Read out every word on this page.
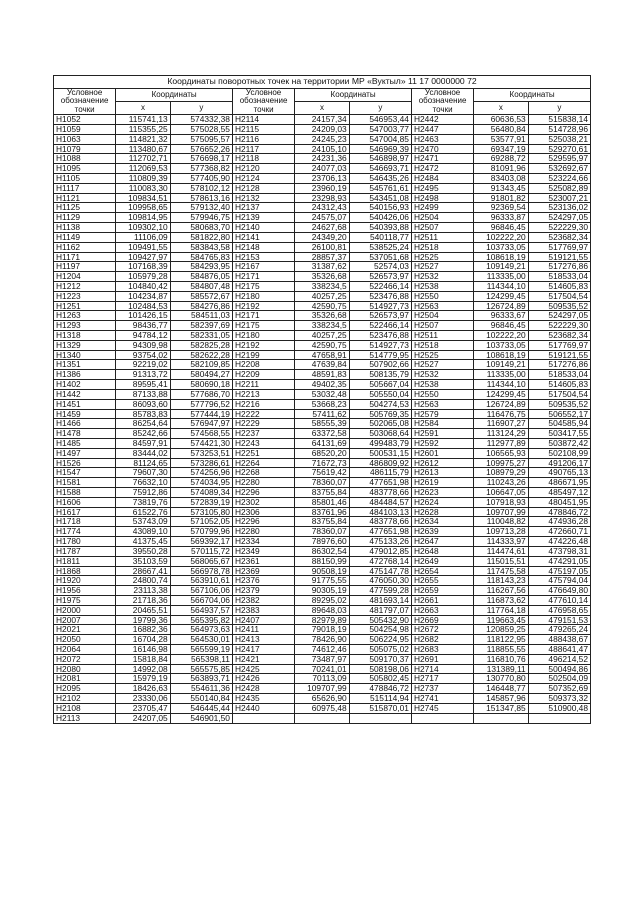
Координаты поворотных точек на территории МР «Вуктыл» 11 17 0000000 72								
Условное обозначение точки	Координаты		Условное обозначение точки	Координаты		Условное обозначение точки	Координаты	
	x	y		x	y		x	y
Н1052	115741,13	574332,38	Н2114	24157,34	546953,44	Н2442	60636,53	515838,14
Н1059	115355,25	575028,55	Н2115	24209,03	547003,77	Н2447	56480,84	514728,96
Н1063	114821,32	575095,57	Н2116	24245,23	547004,85	Н2463	53577,91	525038,21
Н1079	113480,67	576652,26	Н2117	24105,10	546969,39	Н2470	69347,19	529270,61
Н1088	112702,71	576698,17	Н2118	24231,36	546898,97	Н2471	69288,72	529595,97
Н1095	112069,53	577368,82	Н2120	24077,03	546693,71	Н2472	81091,96	532692,67
Н1105	110809,39	577405,90	Н2124	23706,13	546435,26	Н2484	83403,08	523224,66
Н1117	110083,30	578102,12	Н2128	23960,19	545761,61	Н2495	91343,45	525082,89
Н1121	109834,51	578613,16	Н2132	23298,93	543451,08	Н2498	91801,82	523007,21
Н1125	109958,65	579132,40	Н2137	24312,43	540156,93	Н2499	92369,54	523136,02
Н1129	109814,95	579946,75	Н2139	24575,07	540426,06	Н2504	96333,87	524297,05
Н1138	109302,10	580683,70	Н2140	24627,68	540393,88	Н2507	96846,45	522229,30
Н1149	11106,09	581822,80	Н2141	24349,20	540118,77	Н2511	102222,20	523682,34
Н1162	109491,55	583843,58	Н2148	26100,81	538525,24	Н2518	103733,05	517769,97
Н1171	109427,97	584765,83	Н2153	28857,37	537051,68	Н2525	108618,19	519121,55
Н1197	107168,39	584293,95	Н2167	31387,62	52574,03	Н2527	109149,21	517276,86
Н1204	105979,28	584876,05	Н2171	35326,68	526573,97	Н2532	113335,00	518533,04
Н1212	104840,42	584807,48	Н2175	338234,5	522466,14	Н2538	114344,10	514605,83
Н1223	104234,87	585572,67	Н2180	40257,25	523476,88	Н2550	124299,45	517504,54
Н1251	102484,53	584276,86	Н2192	42590,75	514927,73	Н2563	126724,89	509535,52
Н1263	101426,15	584511,03	Н2171	35326,68	526573,97	Н2504	96333,67	524297,05
Н1293	98436,77	582397,69	Н2175	338234,5	522466,14	Н2507	96846,45	522229,30
Н1318	94784,12	582331,05	Н2180	40257,25	523476,88	Н2511	102222,20	523682,34
Н1329	94309,98	582825,28	Н2192	42590,75	514927,73	Н2518	103733,05	517769,97
Н1340	93754,02	582622,28	Н2199	47658,91	514779,95	Н2525	108618,19	519121,55
Н1351	92219,02	582109,85	Н2208	47639,84	507902,66	Н2527	109149,21	517276,86
Н1386	91313,72	580494,27	Н2209	48591,83	508135,79	Н2532	113335,00	518533,04
Н1402	89595,41	580690,18	Н2211	49402,35	505667,04	Н2538	114344,10	514605,83
Н1442	87133,88	577686,70	Н2213	53032,48	505550,04	Н2550	124299,45	517504,54
Н1451	86093,60	577796,52	Н2216	53668,23	504274,53	Н2563	126724,89	509535,52
Н1459	85783,83	577444,19	Н2222	57411,62	505769,35	Н2579	116476,75	506552,17
Н1466	86254,64	576947,97	Н2229	58555,39	502065,08	Н2584	116907,27	504585,94
Н1478	85242,66	574568,55	Н2237	63372,58	503068,64	Н2591	113124,29	503417,55
Н1485	84597,91	574421,30	Н2243	64131,69	499483,79	Н2592	112977,89	503872,42
Н1497	83444,02	573253,51	Н2251	68520,20	500531,15	Н2601	106565,93	502108,99
Н1526	81124,65	573286,61	Н2264	71672,73	486809,92	Н2612	109975,27	491206,17
Н1547	79607,30	574256,96	Н2268	75619,42	486115,79	Н2613	108979,29	490765,13
Н1581	76632,10	574034,95	Н2280	78360,07	477651,98	Н2619	110243,26	486671,95
Н1588	75912,86	574089,34	Н2296	83755,84	483778,66	Н2623	106647,05	485497,12
Н1606	73819,76	572839,19	Н2302	85801,46	484484,57	Н2624	107918,93	480451,95
Н1617	61522,76	573105,80	Н2306	83761,96	484103,13	Н2628	109707,99	478846,72
Н1718	53743,09	571052,05	Н2296	83755,84	483778,66	Н2634	110048,82	474936,28
Н1774	43089,10	570799,96	Н2280	78360,07	477651,98	Н2639	109713,28	472660,71
Н1780	41375,45	569392,17	Н2334	78976,60	475133,26	Н2647	114333,97	474226,48
Н1787	39550,28	570115,72	Н2349	86302,54	479012,85	Н2648	114474,61	473798,31
Н1811	35103,59	568065,67	Н2361	88150,99	472768,14	Н2649	115015,51	474291,05
Н1868	28667,41	566978,78	Н2369	90508,19	475147,78	Н2654	117475,58	475197,05
Н1920	24800,74	563910,61	Н2376	91775,55	476050,30	Н2655	118143,23	475794,04
Н1956	23113,38	567106,06	Н2379	90305,19	477599,28	Н2659	116267,56	476649,80
Н1975	21718,36	566704,06	Н2382	89295,02	481693,14	Н2661	116873,62	477610,14
Н2000	20465,51	564937,57	Н2383	89648,03	481797,07	Н2663	117764,18	476958,65
Н2007	19799,36	565395,82	Н2407	82979,89	505432,90	Н2669	119663,45	479151,53
Н2021	16882,36	564973,63	Н2411	79018,19	504254,98	Н2672	120859,25	479265,24
Н2050	16704,28	564530,01	Н2413	78426,90	506224,95	Н2682	118122,95	488438,67
Н2064	16146,98	565599,19	Н2417	74612,46	505075,02	Н2683	118855,55	488641,47
Н2072	15818,84	565398,11	Н2421	73487,97	509170,37	Н2691	116810,76	496214,52
Н2080	14992,08	565575,85	Н2425	70241,01	508198,06	Н2714	131389,11	500494,86
Н2081	15979,19	563893,71	Н2426	70113,09	505802,45	Н2717	130770,80	502504,09
Н2095	18426,63	554611,36	Н2428	109707,99	478846,72	Н2737	146448,77	507352,69
Н2102	23330,06	550140,84	Н2435	65626,90	515114,94	Н2741	145857,96	509373,32
Н2108	23705,47	546445,44	Н2440	60975,48	515870,01	Н2745	151347,85	510900,48
Н2113	24207,05	546901,50						
